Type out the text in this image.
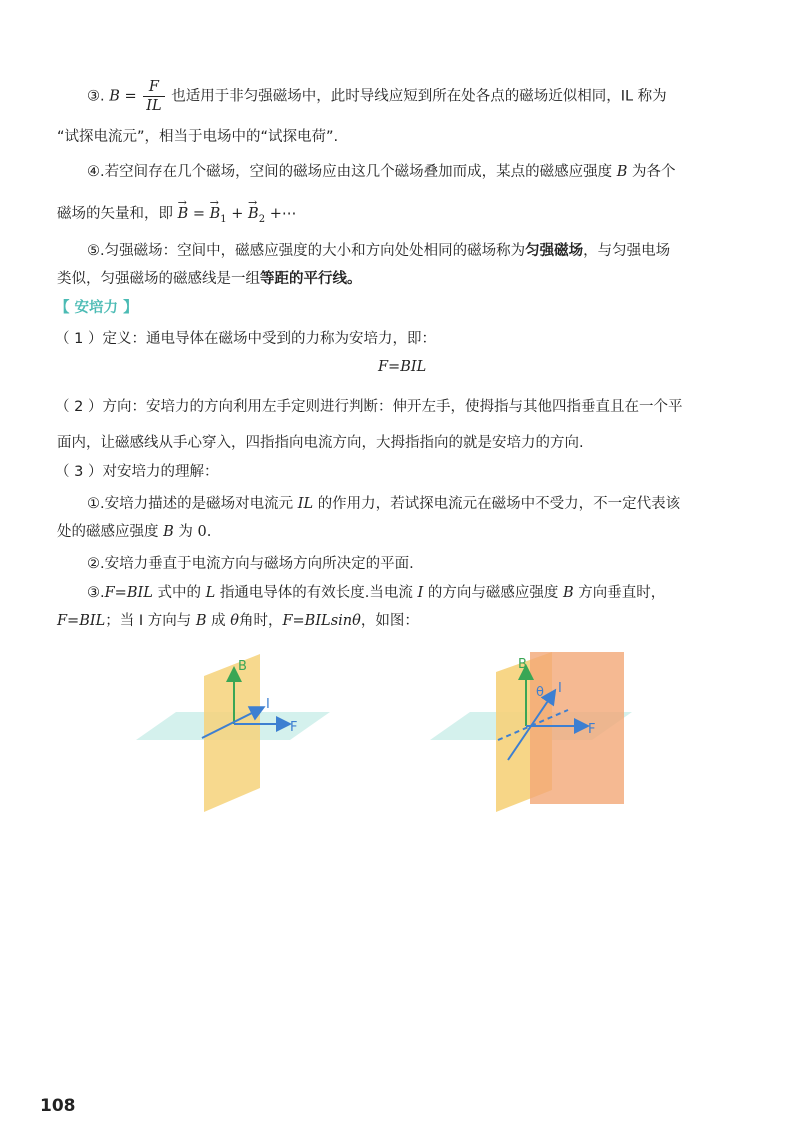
③. $B = \frac{F}{IL}$ 也适用于非匀强磁场中，此时导线应短到所在处各点的磁场近似相同，IL 称为
“试探电流元”，相当于电场中的“试探电荷”.
④.若空间存在几个磁场，空间的磁场应由这几个磁场叠加而成，某点的磁感应强度 B 为各个
磁场的矢量和，即 → B = → $B_1$ + → $B_2$ +⋯
⑤.匀强磁场：空间中，磁感应强度的大小和方向处处相同的磁场称为匀强磁场，与匀强电场
类似，匀强磁场的磁感线是一组等距的平行线。
【 安培力 】
（ 1 ）定义：通电导体在磁场中受到的力称为安培力，即：
F=BIL
（ 2 ）方向：安培力的方向利用左手定则进行判断：伸开左手，使拇指与其他四指垂直且在一个平
面内，让磁感线从手心穿入，四指指向电流方向，大拇指指向的就是安培力的方向.
（ 3 ）对安培力的理解：
①.安培力描述的是磁场对电流元 IL 的作用力，若试探电流元在磁场中不受力，不一定代表该
处的磁感应强度 B 为 0.
②.安培力垂直于电流方向与磁场方向所决定的平面.
③.F=BIL 式中的 L 指通电导体的有效长度.当电流 I 的方向与磁感应强度 B 方向垂直时，
F=BIL；当 I 方向与 B 成 θ角时，F=BILsinθ，如图：
B
I
F
B
θ I
F
108
